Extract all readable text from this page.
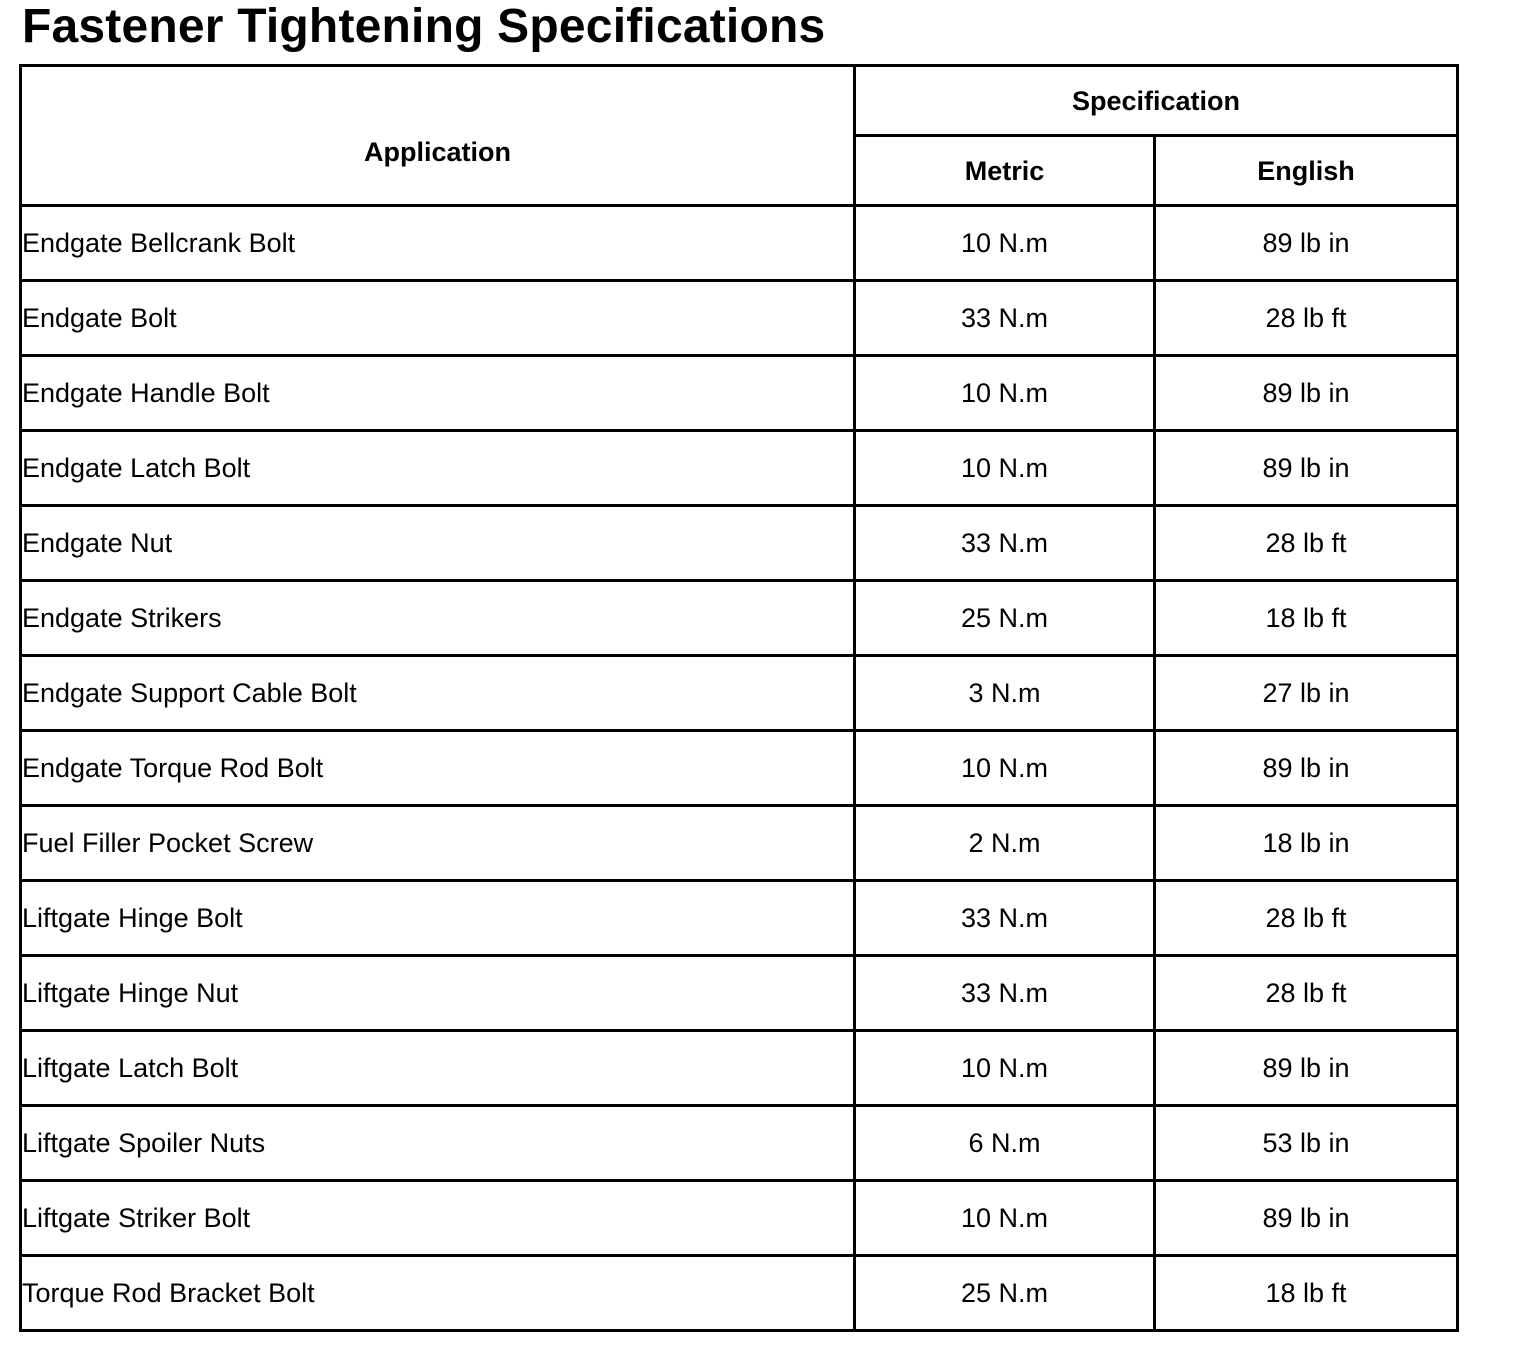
Fastener Tightening Specifications
Application	Specification	
	Metric	English
Endgate Bellcrank Bolt	10 N.m	89 lb in
Endgate Bolt	33 N.m	28 lb ft
Endgate Handle Bolt	10 N.m	89 lb in
Endgate Latch Bolt	10 N.m	89 lb in
Endgate Nut	33 N.m	28 lb ft
Endgate Strikers	25 N.m	18 lb ft
Endgate Support Cable Bolt	3 N.m	27 lb in
Endgate Torque Rod Bolt	10 N.m	89 lb in
Fuel Filler Pocket Screw	2 N.m	18 lb in
Liftgate Hinge Bolt	33 N.m	28 lb ft
Liftgate Hinge Nut	33 N.m	28 lb ft
Liftgate Latch Bolt	10 N.m	89 lb in
Liftgate Spoiler Nuts	6 N.m	53 lb in
Liftgate Striker Bolt	10 N.m	89 lb in
Torque Rod Bracket Bolt	25 N.m	18 lb ft
